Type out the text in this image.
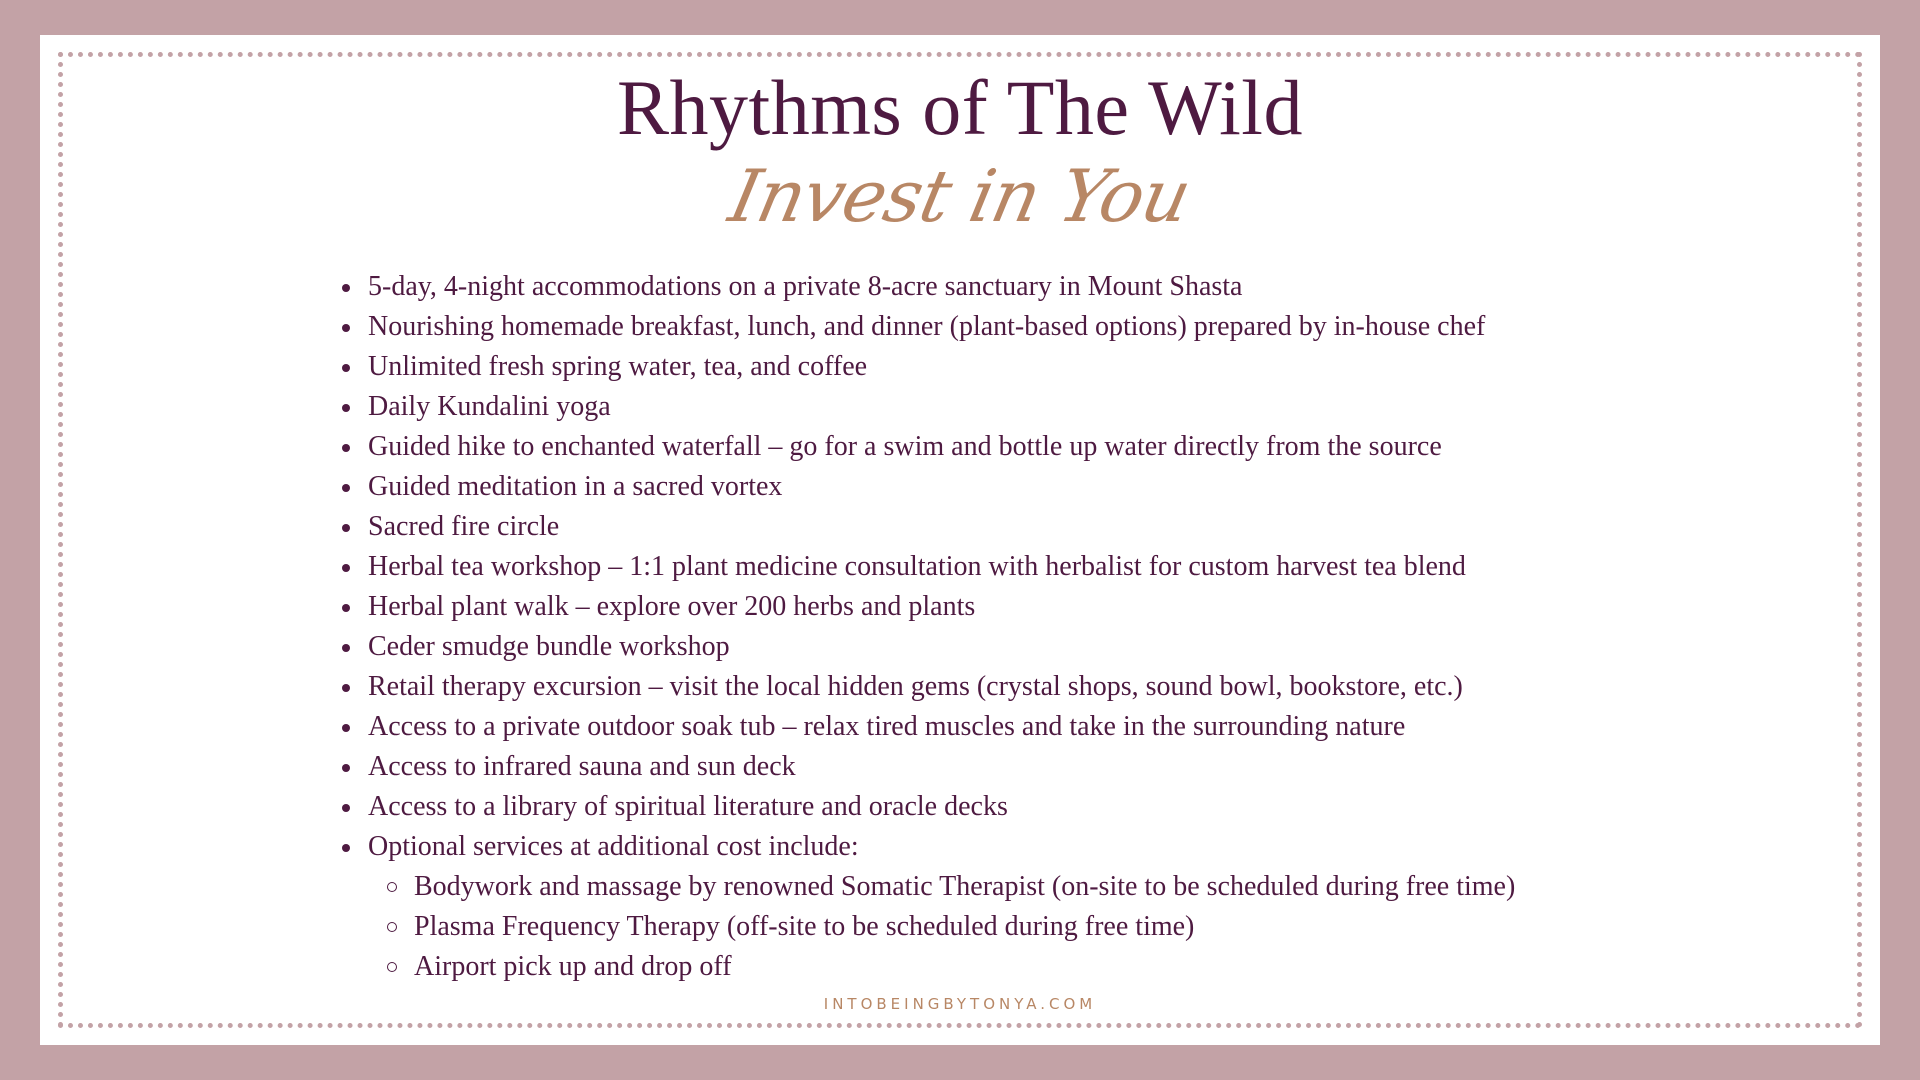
Rhythms of The Wild
Invest in You
5-day, 4-night accommodations on a private 8-acre sanctuary in Mount Shasta
Nourishing homemade breakfast, lunch, and dinner (plant-based options) prepared by in-house chef
Unlimited fresh spring water, tea, and coffee
Daily Kundalini yoga
Guided hike to enchanted waterfall – go for a swim and bottle up water directly from the source
Guided meditation in a sacred vortex
Sacred fire circle
Herbal tea workshop – 1:1 plant medicine consultation with herbalist for custom harvest tea blend
Herbal plant walk – explore over 200 herbs and plants
Ceder smudge bundle workshop
Retail therapy excursion – visit the local hidden gems (crystal shops, sound bowl, bookstore, etc.)
Access to a private outdoor soak tub – relax tired muscles and take in the surrounding nature
Access to infrared sauna and sun deck
Access to a library of spiritual literature and oracle decks
Optional services at additional cost include:
Bodywork and massage by renowned Somatic Therapist (on-site to be scheduled during free time)
Plasma Frequency Therapy (off-site to be scheduled during free time)
Airport pick up and drop off
INTOBEINGBYTONYA.COM
